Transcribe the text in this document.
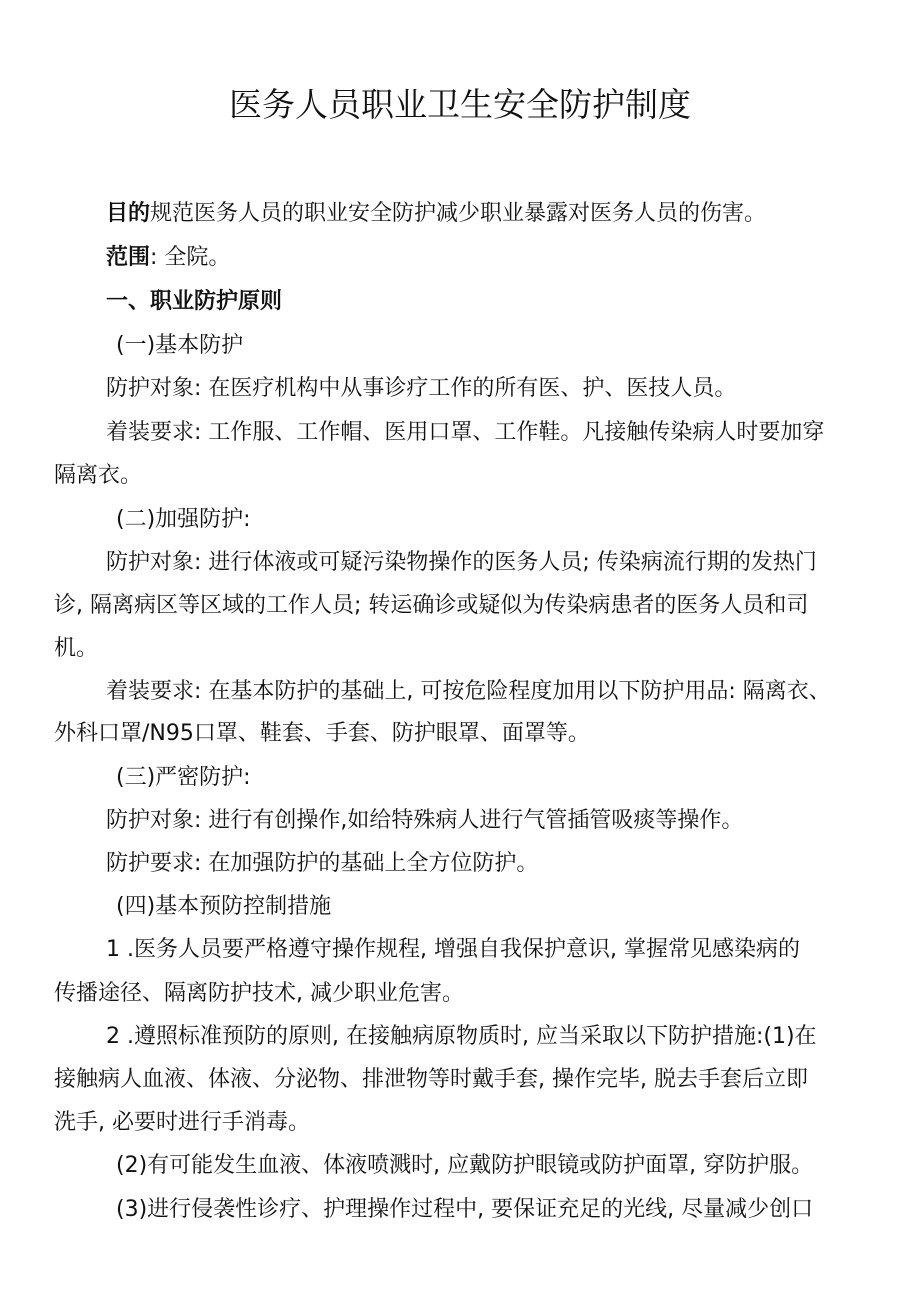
医务人员职业卫生安全防护制度
目的规范医务人员的职业安全防护减少职业暴露对医务人员的伤害。
范围: 全院。
一、职业防护原则
(一)基本防护
防护对象: 在医疗机构中从事诊疗工作的所有医、护、医技人员。
着装要求: 工作服、工作帽、医用口罩、工作鞋。凡接触传染病人时要加穿
隔离衣。
(二)加强防护:
防护对象: 进行体液或可疑污染物操作的医务人员; 传染病流行期的发热门
诊, 隔离病区等区域的工作人员; 转运确诊或疑似为传染病患者的医务人员和司
机。
着装要求: 在基本防护的基础上, 可按危险程度加用以下防护用品: 隔离衣、
外科口罩/N95口罩、鞋套、手套、防护眼罩、面罩等。
(三)严密防护:
防护对象: 进行有创操作,如给特殊病人进行气管插管吸痰等操作。
防护要求: 在加强防护的基础上全方位防护。
(四)基本预防控制措施
1 .医务人员要严格遵守操作规程, 增强自我保护意识, 掌握常见感染病的
传播途径、隔离防护技术, 减少职业危害。
2 .遵照标准预防的原则, 在接触病原物质时, 应当采取以下防护措施:(1)在
接触病人血液、体液、分泌物、排泄物等时戴手套, 操作完毕, 脱去手套后立即
洗手, 必要时进行手消毒。
(2)有可能发生血液、体液喷溅时, 应戴防护眼镜或防护面罩, 穿防护服。
(3)进行侵袭性诊疗、护理操作过程中, 要保证充足的光线, 尽量减少创口
